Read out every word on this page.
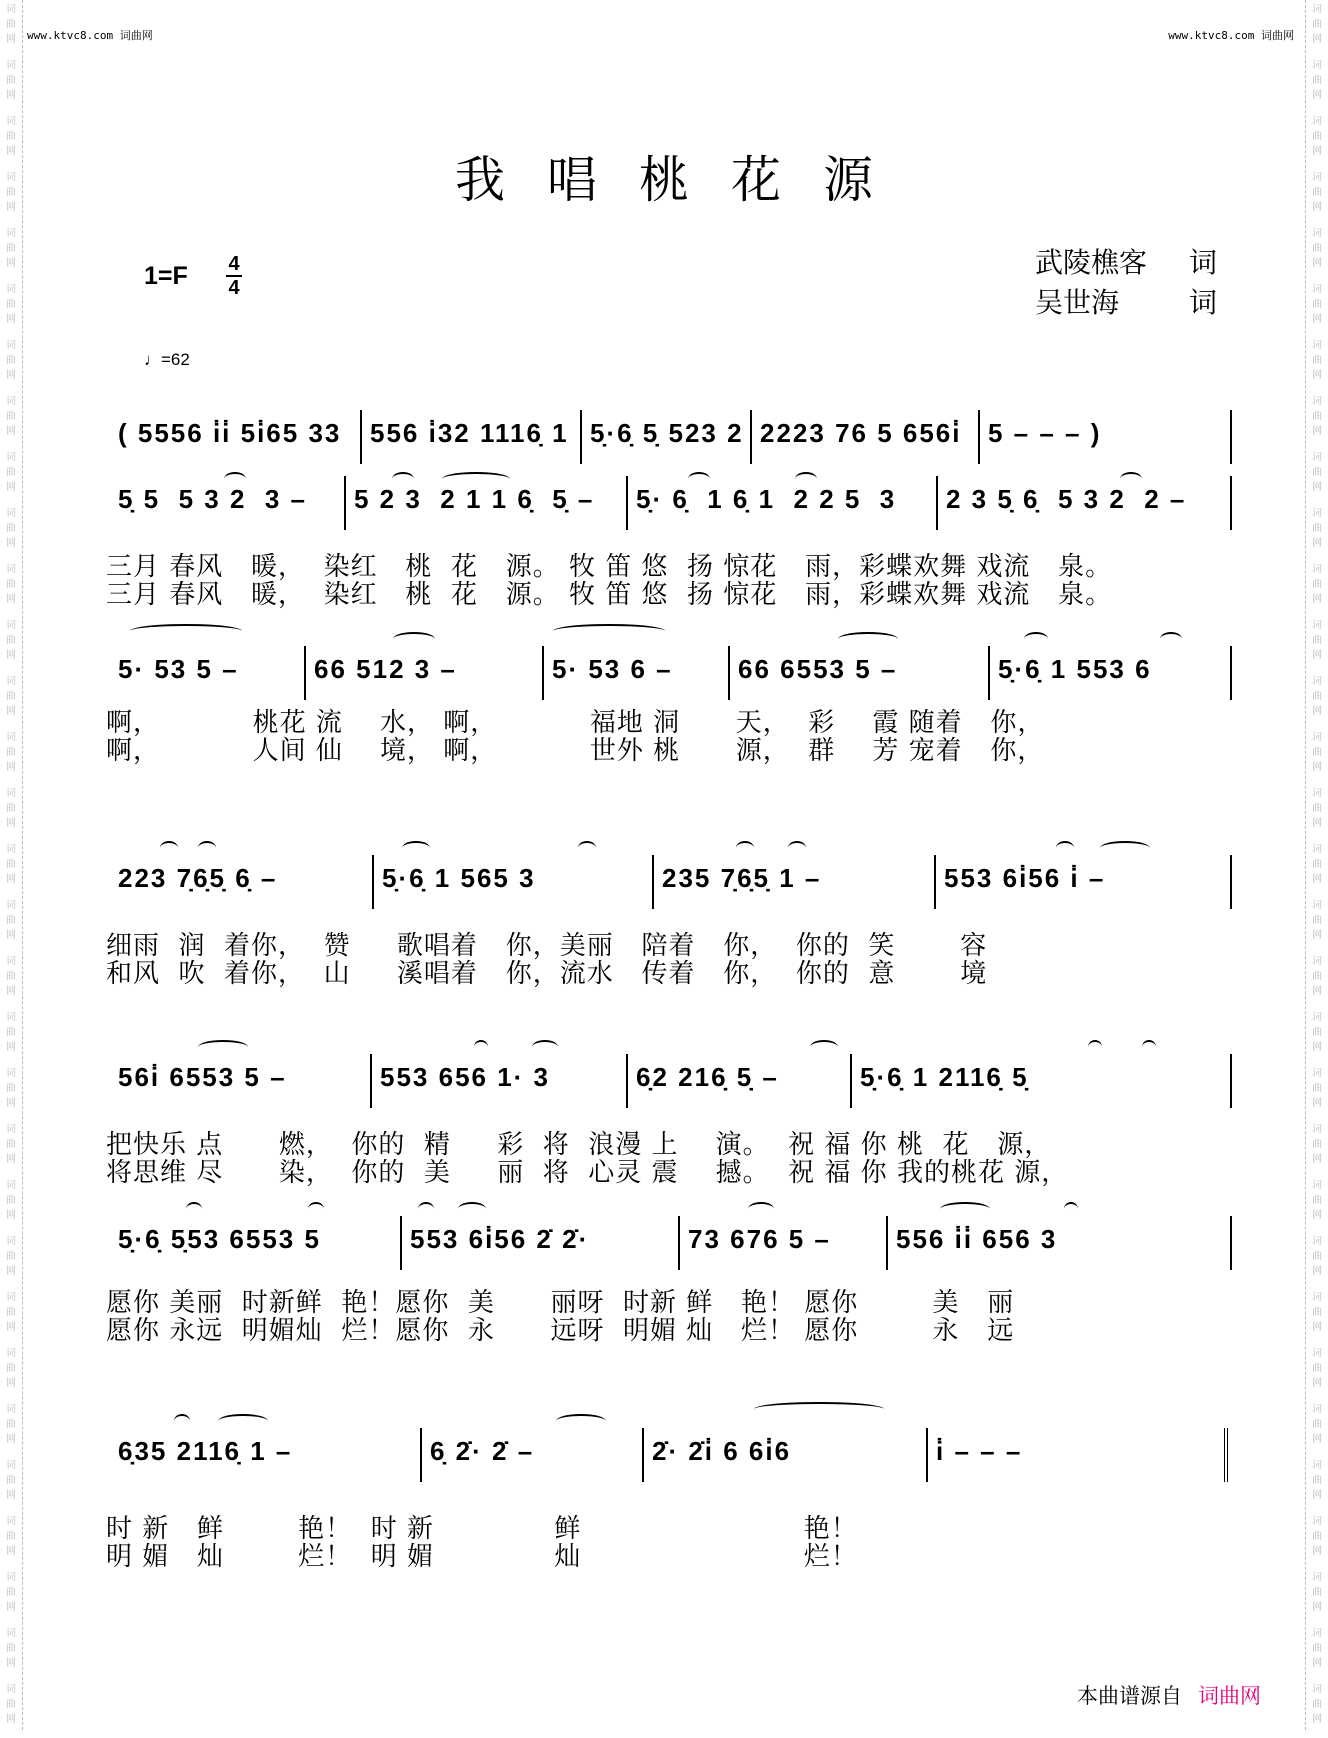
词
曲
网
词
曲
网
词
曲
网
词
曲
网
词
曲
网
词
曲
网
词
曲
网
词
曲
网
词
曲
网
词
曲
网
词
曲
网
词
曲
网
词
曲
网
词
曲
网
词
曲
网
词
曲
网
词
曲
网
词
曲
网
词
曲
网
词
曲
网
词
曲
网
词
曲
网
词
曲
网
词
曲
网
词
曲
网
词
曲
网
词
曲
网
词
曲
网
词
曲
网
词
曲
网
词
曲
网
词
曲
网
词
曲
网
词
曲
网
词
曲
网
词
曲
网
词
曲
网
词
曲
网
词
曲
网
词
曲
网
词
曲
网
词
曲
网
词
曲
网
词
曲
网
词
曲
网
词
曲
网
词
曲
网
词
曲
网
词
曲
网
词
曲
网
词
曲
网
词
曲
网
词
曲
网
词
曲
网
词
曲
网
词
曲
网
词
曲
网
词
曲
网
词
曲
网
词
曲
网
词
曲
网
词
曲
网
www.ktvc8.com 词曲网	www.ktvc8.com 词曲网
我唱桃花源
1=F 4
4
武陵樵客 词
吴世海 词
♩=62

( 5556 i̇i̇ 5i̇65 33

556 i̇32 1116̣ 1

5̣·6̣ 5̣ 523 2

2223 76 5 656i̇

5 – – – )

5̣ 5  5 3 2  3 –

5 2 3  2 1 1 6̣  5̣ –

5̣· 6̣  1 6̣ 1  2 2 5  3

2 3 5̣ 6̣  5 3 2  2 –

三月 春风   暖，  染红   桃  花   源。 牧 笛 悠  扬 惊花   雨，彩蝶欢舞 戏流   泉。
三月 春风   暖，  染红   桃  花   源。 牧 笛 悠  扬 惊花   雨，彩蝶欢舞 戏流   泉。

5· 53 5 –

	66 512 3 –

	5· 53 6 –

	66 6553 5 –

	5̣·6̣ 1 553 6

啊，          桃花 流    水， 啊，          福地 洞      天，  彩    霞 随着   你，
啊，          人间 仙    境， 啊，          世外 桃      源，  群    芳 宠着   你，

223 7̣6̣5̣ 6̣ –

	5̣·6̣ 1 565 3

	235 7̣6̣5̣ 1 –

	553 6i̇56 i̇ –

细雨  润  着你，  赞     歌唱着   你，美丽   陪着   你，  你的  笑       容
和风  吹  着你，  山     溪唱着   你，流水   传着   你，  你的  意       境

56i̇ 6553 5 –

	553 656 1· 3

	6̣2 216̣ 5̣ –

	5̣·6̣ 1 2116̣ 5̣

把快乐 点      燃，  你的  精     彩  将  浪漫 上    演。  祝 福 你 桃  花   源，
将思维 尽      染，  你的  美     丽  将  心灵 震    撼。  祝 福 你 我的桃花 源，

5̣·6̣ 5̣53 6553 5

	553 6i̇56 2̇ 2̇·

	73 676 5 –

	556 i̇i̇ 656 3

愿你 美丽  时新鲜  艳！愿你  美      丽呀  时新 鲜   艳！ 愿你        美   丽
愿你 永远  明媚灿  烂！愿你  永      远呀  明媚 灿   烂！ 愿你        永   远

6̣35 2116̣ 1 –

	6̣ 2̇· 2̇ –

	2̇· 2̇i̇ 6 6i̇6

	i̇ – – –

时 新   鲜        艳！  时 新             鲜                        艳！
明 媚   灿        烂！  明 媚             灿                        烂！
本曲谱源自 词曲网
